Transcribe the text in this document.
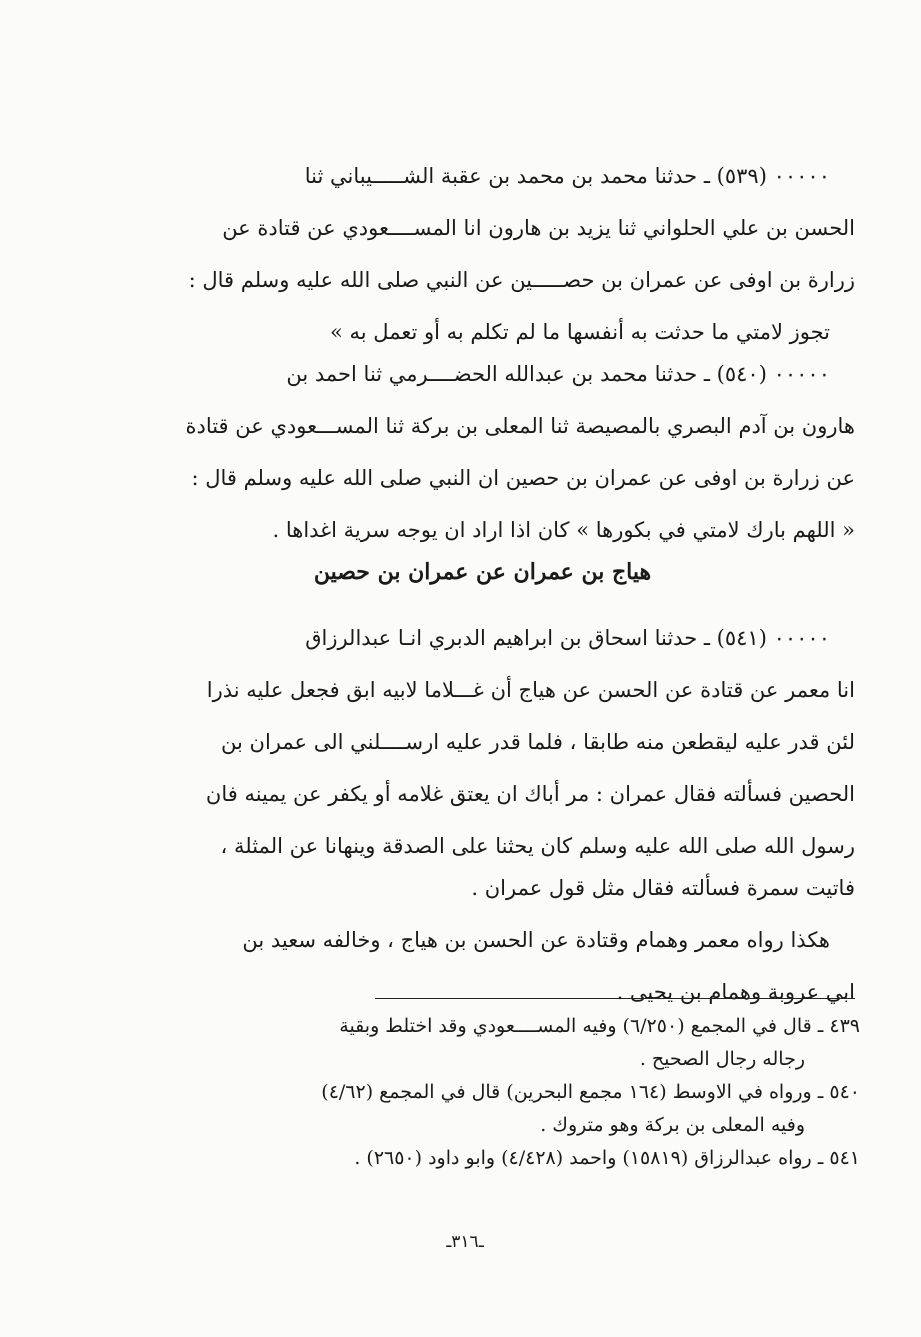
٠٠٠٠٠ (٥٣٩) ـ حدثنا محمد بن محمد بن عقبة الشـــــيباني ثنا
الحسن بن علي الحلواني ثنا يزيد بن هارون انا المســــعودي عن قتادة عن
زرارة بن اوفى عن عمران بن حصـــــين عن النبي صلى الله عليه وسلم قال :
تجوز لامتي ما حدثت به أنفسها ما لم تكلم به أو تعمل به »
٠٠٠٠٠ (٥٤٠) ـ حدثنا محمد بن عبدالله الحضــــرمي ثنا احمد بن
هارون بن آدم البصري بالمصيصة ثنا المعلى بن بركة ثنا المســـعودي عن قتادة
عن زرارة بن اوفى عن عمران بن حصين ان النبي صلى الله عليه وسلم قال :
« اللهم بارك لامتي في بكورها » كان اذا اراد ان يوجه سرية اغداها .
هياج بن عمران عن عمران بن حصين
٠٠٠٠٠ (٥٤١) ـ حدثنا اسحاق بن ابراهيم الدبري انـا عبدالرزاق
انا معمر عن قتادة عن الحسن عن هياج أن غـــلاما لابيه ابق فجعل عليه نذرا
لئن قدر عليه ليقطعن منه طابقا ، فلما قدر عليه ارســــلني الى عمران بن
الحصين فسألته فقال عمران : مر أباك ان يعتق غلامه أو يكفر عن يمينه فان
رسول الله صلى الله عليه وسلم كان يحثنا على الصدقة وينهانا عن المثلة ،
فاتيت سمرة فسألته فقال مثل قول عمران .
هكذا رواه معمر وهمام وقتادة عن الحسن بن هياج ، وخالفه سعيد بن
ابي عروبة وهمام بن يحيى .
٤٣٩ ـ قال في المجمع (٦/٢٥٠) وفيه المســــعودي وقد اختلط وبقية
رجاله رجال الصحيح .
٥٤٠ ـ ورواه في الاوسط (١٦٤ مجمع البحرين) قال في المجمع (٤/٦٢)
وفيه المعلى بن بركة وهو متروك .
٥٤١ ـ رواه عبدالرزاق (١٥٨١٩) واحمد (٤/٤٢٨) وابو داود (٢٦٥٠) .
ـ٣١٦ـ
